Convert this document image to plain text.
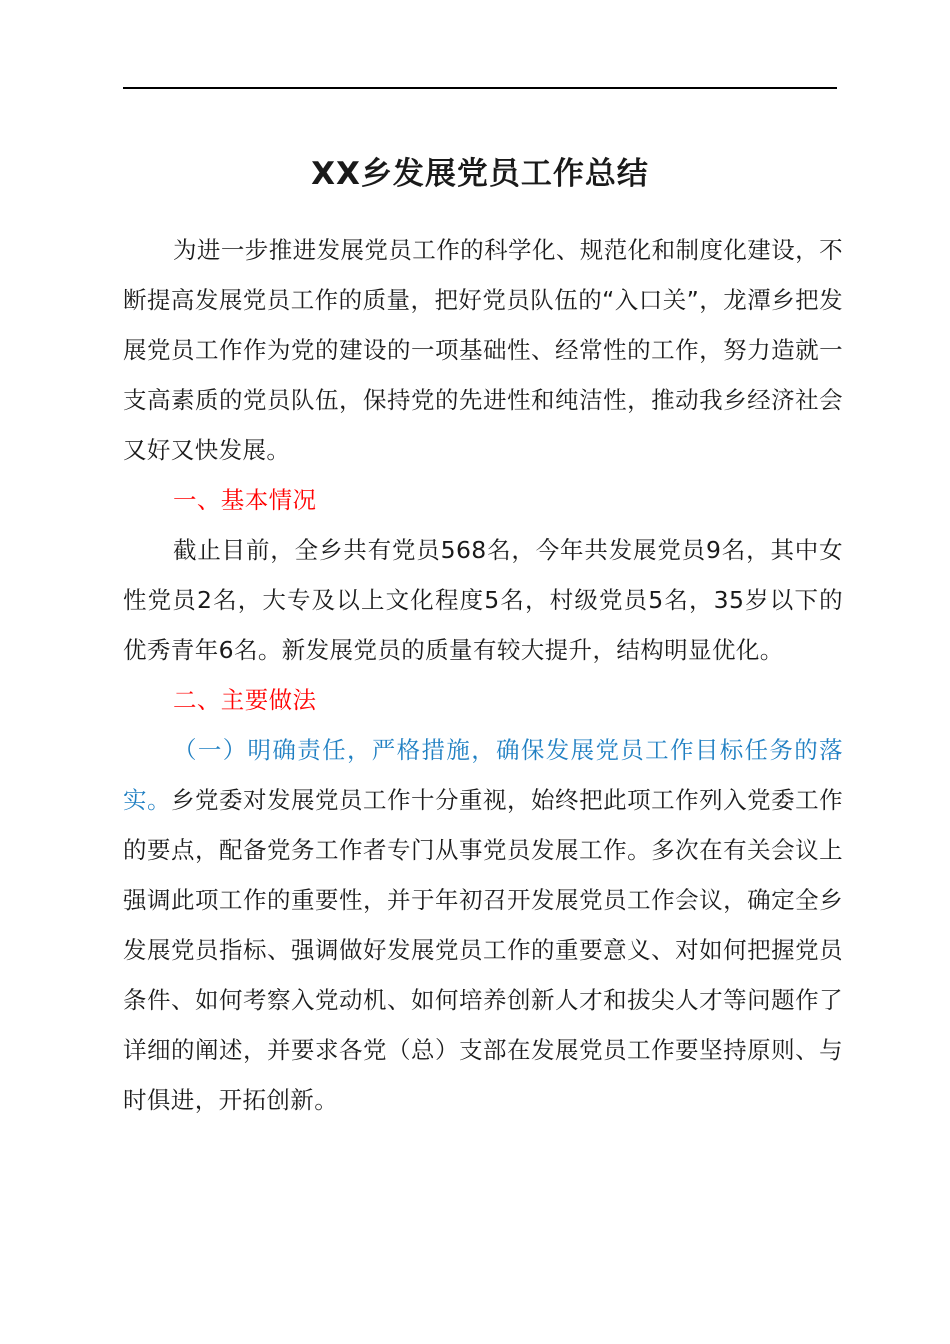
XX乡发展党员工作总结

为进一步推进发展党员工作的科学化、规范化和制度化建设，不断提高发展党员工作的质量，把好党员队伍的“入口关”，龙潭乡把发展党员工作作为党的建设的一项基础性、经常性的工作，努力造就一支高素质的党员队伍，保持党的先进性和纯洁性，推动我乡经济社会又好又快发展。

一、基本情况

截止目前，全乡共有党员568名，今年共发展党员9名，其中女性党员2名，大专及以上文化程度5名，村级党员5名，35岁以下的优秀青年6名。新发展党员的质量有较大提升，结构明显优化。

二、主要做法

（一）明确责任，严格措施，确保发展党员工作目标任务的落实。乡党委对发展党员工作十分重视，始终把此项工作列入党委工作的要点，配备党务工作者专门从事党员发展工作。多次在有关会议上强调此项工作的重要性，并于年初召开发展党员工作会议，确定全乡发展党员指标、强调做好发展党员工作的重要意义、对如何把握党员条件、如何考察入党动机、如何培养创新人才和拔尖人才等问题作了详细的阐述，并要求各党（总）支部在发展党员工作要坚持原则、与时俱进，开拓创新。
